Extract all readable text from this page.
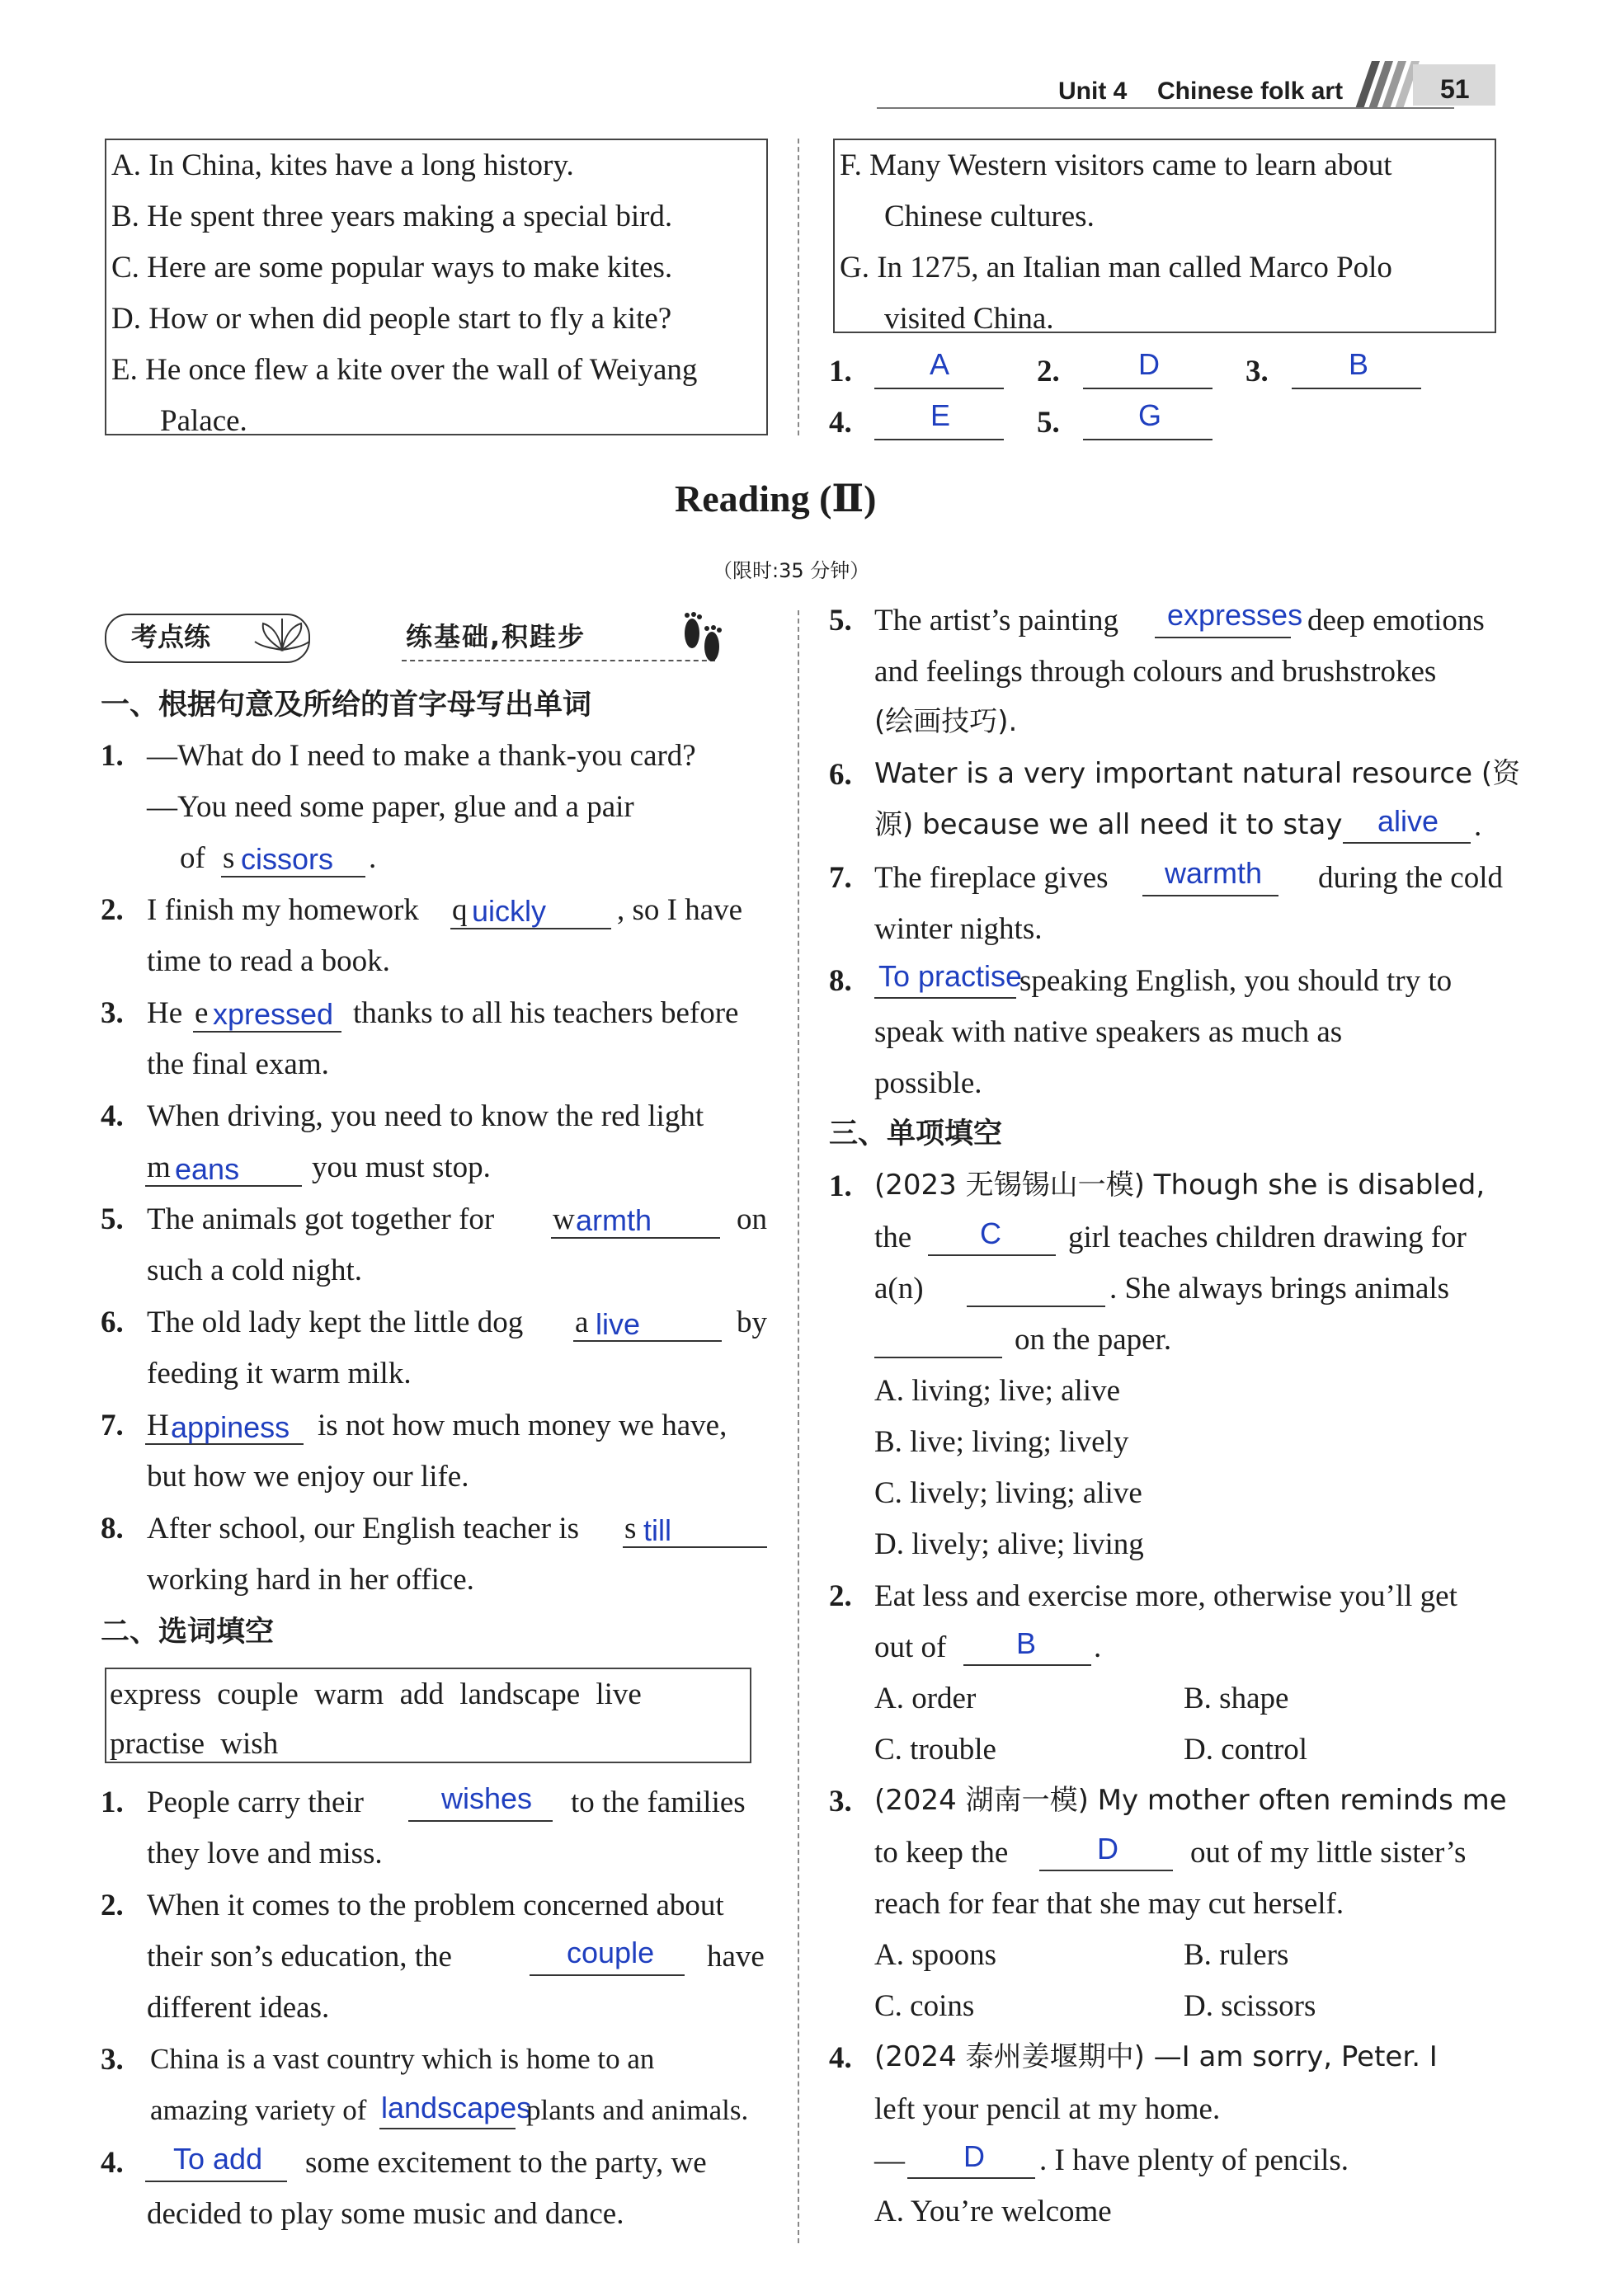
Unit 4 Chinese folk art	51
A. In China, kites have a long history.
B. He spent three years making a special bird.
C. Here are some popular ways to make kites.
D. How or when did people start to fly a kite?
E. He once flew a kite over the wall of Weiyang
Palace.
F. Many Western visitors came to learn about
Chinese cultures.
G. In 1275, an Italian man called Marco Polo
visited China.
1.	A	2.	D	3.	B
4.	E	5.	G
Reading (Ⅱ)
（限时:35 分钟）
考点练	练基础,积跬步
一、根据句意及所给的首字母写出单词
1. —What do I need to make a thank-you card?
—You need some paper, glue and a pair
of s cissors .
2. I finish my homework q uickly , so I have
time to read a book.
3. He e xpressed thanks to all his teachers before
the final exam.
4. When driving, you need to know the red light
m eans you must stop.
5. The animals got together for w armth	on
such a cold night.
6. The old lady kept the little dog a live	by
feeding it warm milk.
7. H appiness is not how much money we have,
but how we enjoy our life.
8. After school, our English teacher is s till
working hard in her office.
二、选词填空
express couple warm add landscape live
practise wish
1. People carry their	wishes to the families
they love and miss.
2. When it comes to the problem concerned about
their son’s education, the	couple have
different ideas.
3. China is a vast country which is home to an
amazing variety of landscapes
plants and animals.
4. To add some excitement to the party, we
decided to play some music and dance.
5. The artist’s painting expresses deep emotions
and feelings through colours and brushstrokes
(绘画技巧).
6. Water is a very important natural resource (资
源) because we all need it to stay alive .
7. The fireplace gives warmth during the cold
winter nights.
8. To practise
speaking English, you should try to
speak with native speakers as much as
possible.
三、单项填空
1. (2023 无锡锡山一模) Though she is disabled,
the C girl teaches children drawing for
a(n)	. She always brings animals
on the paper.
A. living; live; alive
B. live; living; lively
C. lively; living; alive
D. lively; alive; living
2. Eat less and exercise more, otherwise you’ll get
out of B .
A. order	B. shape
C. trouble	D. control
3. (2024 湖南一模) My mother often reminds me
to keep the	D out of my little sister’s
reach for fear that she may cut herself.
A. spoons	B. rulers
C. coins	D. scissors
4. (2024 泰州姜堰期中) —I am sorry, Peter. I
left your pencil at my home.
— D . I have plenty of pencils.
A. You’re welcome
